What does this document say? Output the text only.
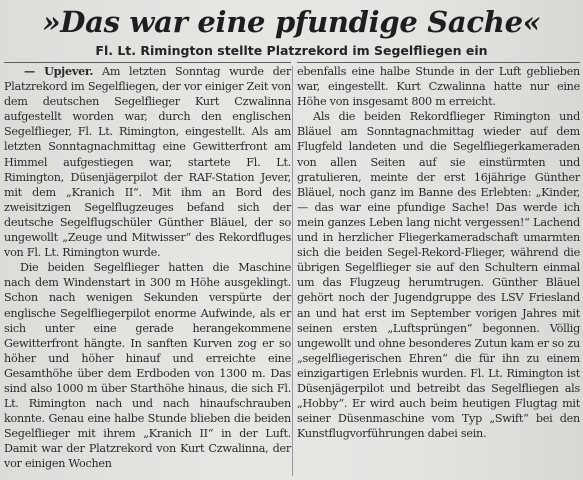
»Das war eine pfundige Sache«
Fl. Lt. Rimington stellte Platzrekord im Segelfliegen ein

— Upjever. Am letzten Sonntag wurde der Platzrekord im Segelfliegen, der vor einiger Zeit von dem deutschen Segelflieger Kurt Czwalinna aufgestellt worden war, durch den englischen Segelflieger, Fl. Lt. Rimington, eingestellt. Als am letzten Sonntagnachmittag eine Gewitterfront am Himmel aufgestiegen war, startete Fl. Lt. Rimington, Düsenjägerpilot der RAF-Station Jever, mit dem „Kranich II“. Mit ihm an Bord des zweisitzigen Segelflugzeuges befand sich der deutsche Segelflugschüler Günther Bläuel, der so ungewollt „Zeuge und Mitwisser“ des Rekordfluges von Fl. Lt. Rimington wurde.

Die beiden Segelflieger hatten die Maschine nach dem Windenstart in 300 m Höhe ausgeklingt. Schon nach wenigen Sekunden verspürte der englische Segelfliegerpilot enorme Aufwinde, als er sich unter eine gerade herangekommene Gewitterfront hängte. In sanften Kurven zog er so höher und höher hinauf und erreichte eine Gesamthöhe über dem Erdboden von 1300 m. Das sind also 1000 m über Starthöhe hinaus, die sich Fl. Lt. Rimington nach und nach hinaufschrauben konnte. Genau eine halbe Stunde blieben die beiden Segelflieger mit ihrem „Kranich II“ in der Luft. Damit war der Platzrekord von Kurt Czwalinna, der vor einigen Wochen

ebenfalls eine halbe Stunde in der Luft geblieben war, eingestellt. Kurt Czwalinna hatte nur eine Höhe von insgesamt 800 m erreicht.

Als die beiden Rekordflieger Rimington und Bläuel am Sonntagnachmittag wieder auf dem Flugfeld landeten und die Segelfliegerkameraden von allen Seiten auf sie einstürmten und gratulieren, meinte der erst 16jährige Günther Bläuel, noch ganz im Banne des Erlebten: „Kinder, — das war eine pfundige Sache! Das werde ich mein ganzes Leben lang nicht vergessen!“ Lachend und in herzlicher Fliegerkameradschaft umarmten sich die beiden Segel-Rekord-Flieger, während die übrigen Segelflieger sie auf den Schultern einmal um das Flugzeug herumtrugen. Günther Bläuel gehört noch der Jugendgruppe des LSV Friesland an und hat erst im September vorigen Jahres mit seinen ersten „Luftsprüngen“ begonnen. Völlig ungewollt und ohne besonderes Zutun kam er so zu „segelfliegerischen Ehren“ die für ihn zu einem einzigartigen Erlebnis wurden. Fl. Lt. Rimington ist Düsenjägerpilot und betreibt das Segelfliegen als „Hobby“. Er wird auch beim heutigen Flugtag mit seiner Düsenmaschine vom Typ „Swift“ bei den Kunstflugvorführungen dabei sein.
